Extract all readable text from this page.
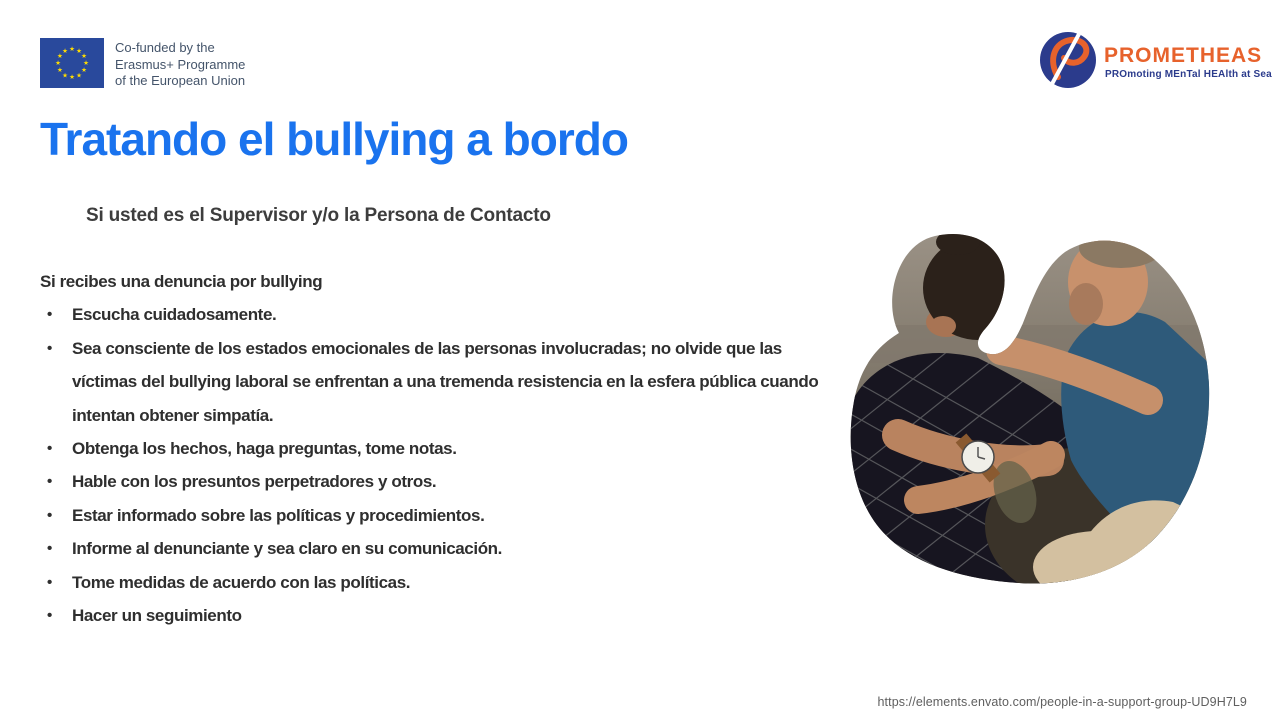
★ ★
★
★
★
★
★
★
★
★
★
★	Co-funded by the
Erasmus+ Programme
of the European Union
PROMETHEAS
PROmoting MEnTal HEAlth at Sea
Tratando el bullying a bordo
Si usted es el Supervisor y/o la Persona de Contacto

Si recibes una denuncia por bullying

• Escucha cuidadosamente.
• Sea consciente de los estados emocionales de las personas involucradas; no olvide que las víctimas del bullying laboral se enfrentan a una tremenda resistencia en la esfera pública cuando intentan obtener simpatía.
• Obtenga los hechos, haga preguntas, tome notas.
• Hable con los presuntos perpetradores y otros.
• Estar informado sobre las políticas y procedimientos.
• Informe al denunciante y sea claro en su comunicación.
• Tome medidas de acuerdo con las políticas.
• Hacer un seguimiento
https://elements.envato.com/people-in-a-support-group-UD9H7L9
